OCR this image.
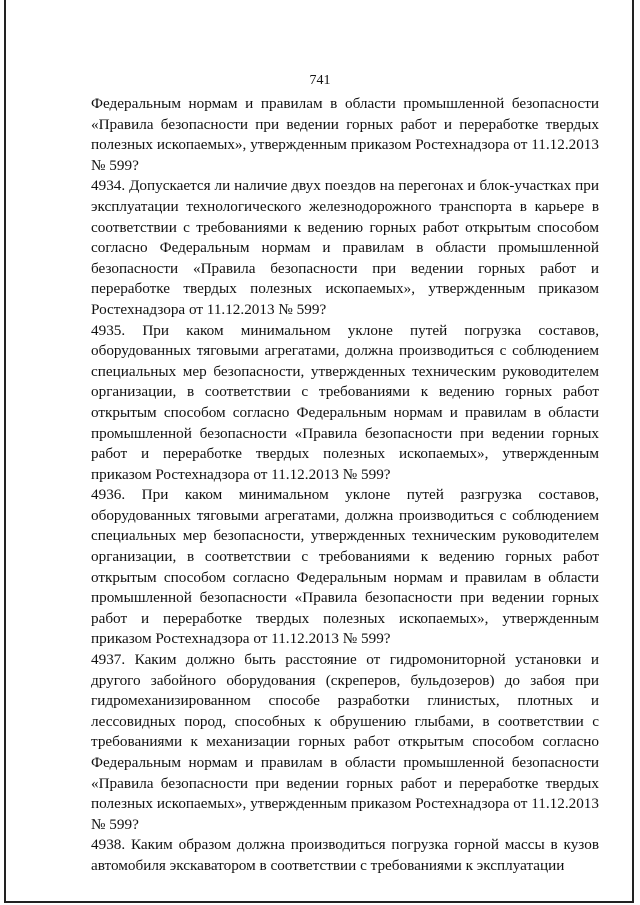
741

Федеральным нормам и правилам в области промышленной безопасности «Правила безопасности при ведении горных работ и переработке твердых полезных ископаемых», утвержденным приказом Ростехнадзора от 11.12.2013 № 599?

4934. Допускается ли наличие двух поездов на перегонах и блок-участках при эксплуатации технологического железнодорожного транспорта в карьере в соответствии с требованиями к ведению горных работ открытым способом согласно Федеральным нормам и правилам в области промышленной безопасности «Правила безопасности при ведении горных работ и переработке твердых полезных ископаемых», утвержденным приказом Ростехнадзора от 11.12.2013 № 599?

4935. При каком минимальном уклоне путей погрузка составов, оборудованных тяговыми агрегатами, должна производиться с соблюдением специальных мер безопасности, утвержденных техническим руководителем организации, в соответствии с требованиями к ведению горных работ открытым способом согласно Федеральным нормам и правилам в области промышленной безопасности «Правила безопасности при ведении горных работ и переработке твердых полезных ископаемых», утвержденным приказом Ростехнадзора от 11.12.2013 № 599?

4936. При каком минимальном уклоне путей разгрузка составов, оборудованных тяговыми агрегатами, должна производиться с соблюдением специальных мер безопасности, утвержденных техническим руководителем организации, в соответствии с требованиями к ведению горных работ открытым способом согласно Федеральным нормам и правилам в области промышленной безопасности «Правила безопасности при ведении горных работ и переработке твердых полезных ископаемых», утвержденным приказом Ростехнадзора от 11.12.2013 № 599?

4937. Каким должно быть расстояние от гидромониторной установки и другого забойного оборудования (скреперов, бульдозеров) до забоя при гидромеханизированном способе разработки глинистых, плотных и лессовидных пород, способных к обрушению глыбами, в соответствии с требованиями к механизации горных работ открытым способом согласно Федеральным нормам и правилам в области промышленной безопасности «Правила безопасности при ведении горных работ и переработке твердых полезных ископаемых», утвержденным приказом Ростехнадзора от 11.12.2013 № 599?

4938. Каким образом должна производиться погрузка горной массы в кузов автомобиля экскаватором в соответствии с требованиями к эксплуатации
